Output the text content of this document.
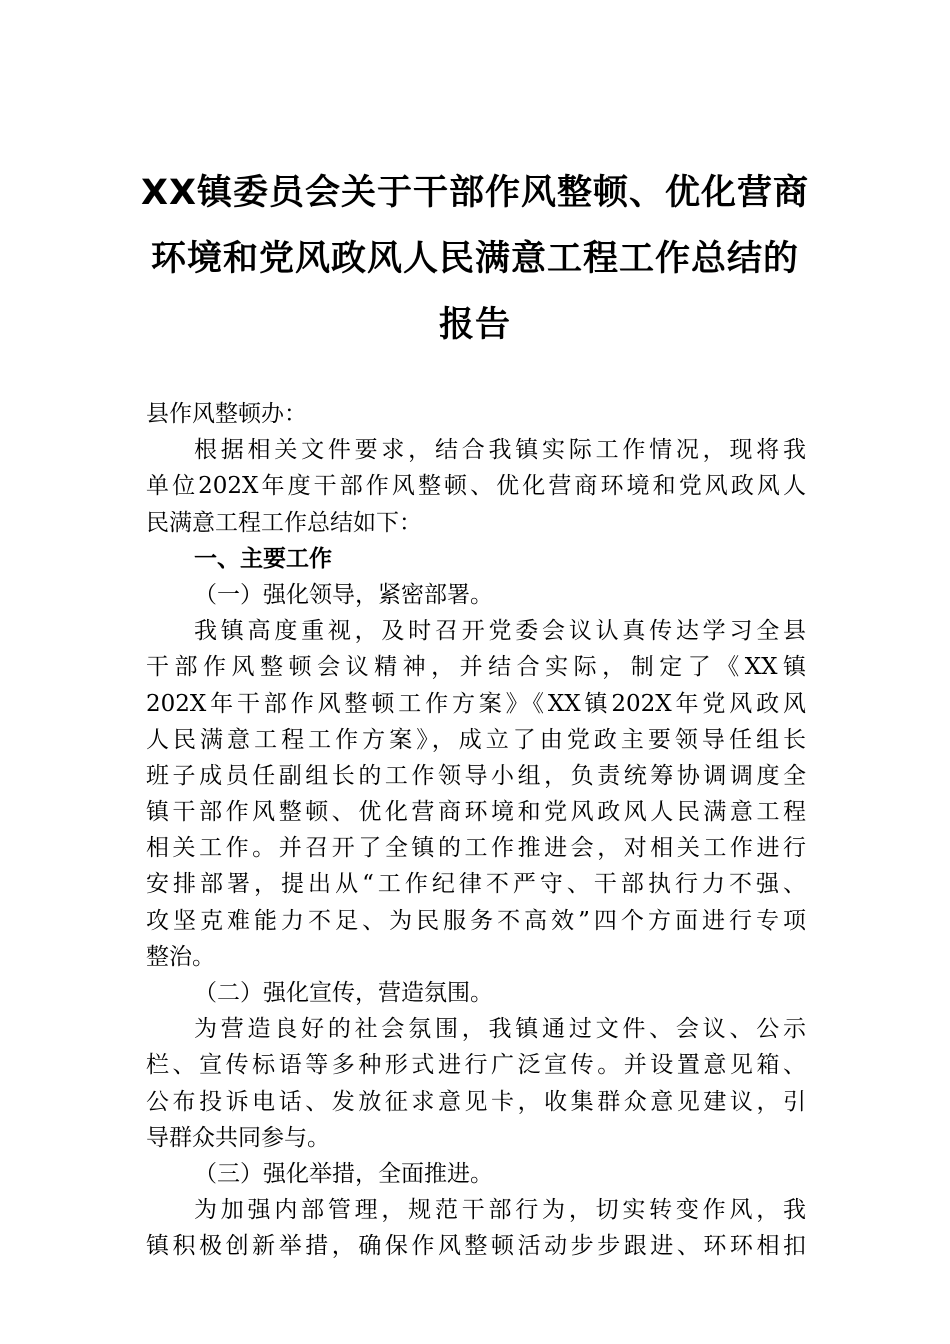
XX镇委员会关于干部作风整顿、优化营商
环境和党风政风人民满意工程工作总结的
报告
县作风整顿办：
根据相关文件要求，结合我镇实际工作情况，现将我
单位202X年度干部作风整顿、优化营商环境和党风政风人
民满意工程工作总结如下：
一、主要工作
（一）强化领导，紧密部署。
我镇高度重视，及时召开党委会议认真传达学习全县
干部作风整顿会议精神，并结合实际，制定了《XX镇
202X年干部作风整顿工作方案》《XX镇202X年党风政风
人民满意工程工作方案》，成立了由党政主要领导任组长
班子成员任副组长的工作领导小组，负责统筹协调调度全
镇干部作风整顿、优化营商环境和党风政风人民满意工程
相关工作。并召开了全镇的工作推进会，对相关工作进行
安排部署，提出从“工作纪律不严守、干部执行力不强、
攻坚克难能力不足、为民服务不高效”四个方面进行专项
整治。
（二）强化宣传，营造氛围。
为营造良好的社会氛围，我镇通过文件、会议、公示
栏、宣传标语等多种形式进行广泛宣传。并设置意见箱、
公布投诉电话、发放征求意见卡，收集群众意见建议，引
导群众共同参与。
（三）强化举措，全面推进。
为加强内部管理，规范干部行为，切实转变作风，我
镇积极创新举措，确保作风整顿活动步步跟进、环环相扣
